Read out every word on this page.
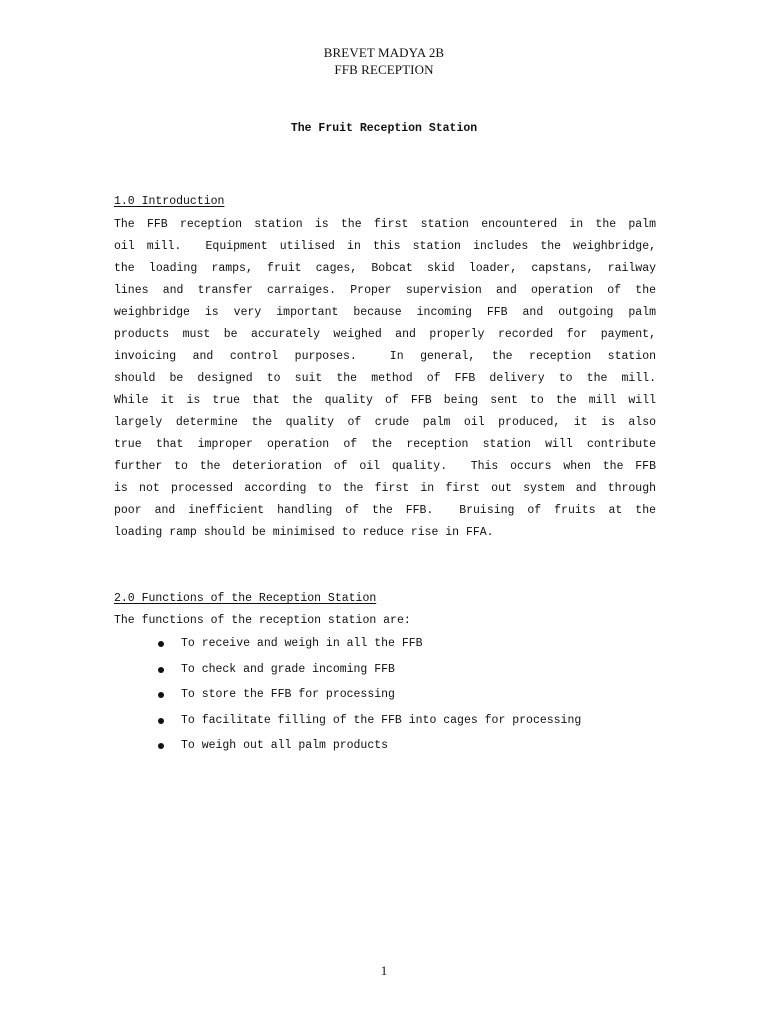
BREVET MADYA 2B
FFB RECEPTION
The Fruit Reception Station
1.0 Introduction
The FFB reception station is the first station encountered in the palm
oil mill.  Equipment utilised in this station includes the weighbridge,
the loading ramps, fruit cages, Bobcat skid loader, capstans, railway
lines and transfer carraiges. Proper supervision and operation of the
weighbridge is very important because incoming FFB and outgoing palm
products must be accurately weighed and properly recorded for payment,
invoicing and control purposes.  In general, the reception station
should be designed to suit the method of FFB delivery to the mill.
While it is true that the quality of FFB being sent to the mill will
largely determine the quality of crude palm oil produced, it is also
true that improper operation of the reception station will contribute
further to the deterioration of oil quality.  This occurs when the FFB
is not processed according to the first in first out system and through
poor and inefficient handling of the FFB.  Bruising of fruits at the
loading ramp should be minimised to reduce rise in FFA.
2.0 Functions of the Reception Station
The functions of the reception station are:
To receive and weigh in all the FFB
To check and grade incoming FFB
To store the FFB for processing
To facilitate filling of the FFB into cages for processing
To weigh out all palm products
1
